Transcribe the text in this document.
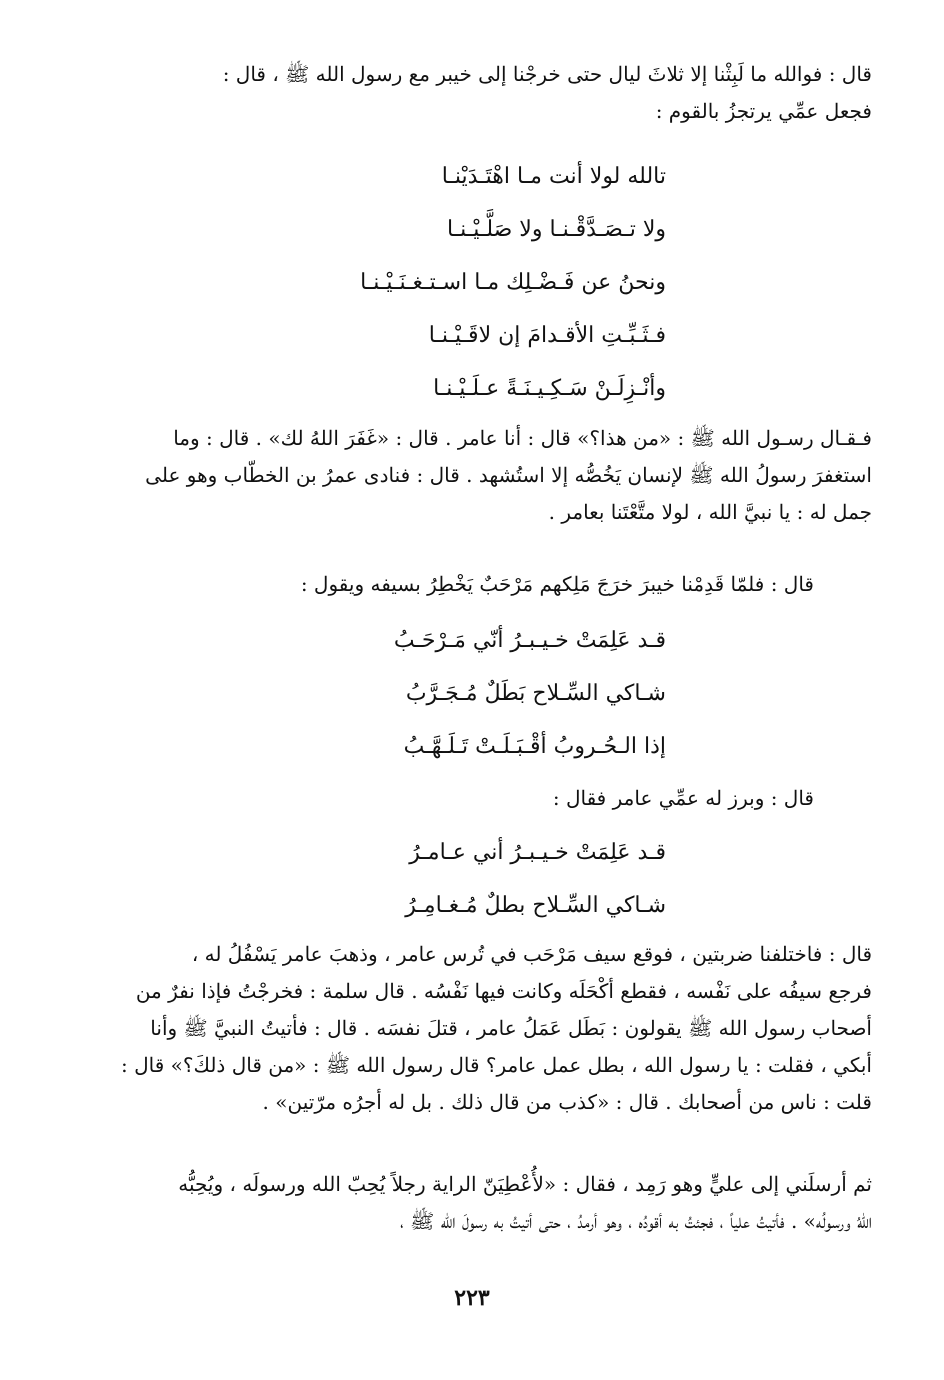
قال : فوالله ما لَبِثْنا إلا ثلاثَ ليال حتى خرجْنا إلى خيبر مع رسول الله ﷺ ، قال :
فجعل عمِّي يرتجزُ بالقوم :
تالله لولا أنت مـا اهْتَـدَيْنـا
ولا تـصَـدَّقْـنـا ولا صَلَّـيْـنـا
ونحنُ عن فَـضْـلِك مـا اسـتـغـنَـيْـنـا
فـثَـبِّـتِ الأقـدامَ إن لاقَـيْـنـا
وأنْـزِلَـنْ سَـكِـيـنَـةً عـلَـيْـنـا
فـقـال رسـول الله ﷺ : «من هذا؟» قال : أنا عامر . قال : «غَفَرَ اللهُ لك» . قال : وما
استغفرَ رسولُ الله ﷺ لإنسان يَخُصُّه إلا استُشهد . قال : فنادى عمرُ بن الخطّاب وهو على
جمل له : يا نبيَّ الله ، لولا متَّعْتَنا بعامر .
قال : فلمّا قَدِمْنا خيبرَ خرَجَ مَلِكهم مَرْحَبٌ يَخْطِرُ بسيفه ويقول :
قـد عَلِمَتْ خـيـبـرُ أنّي مَـرْحَـبُ
شـاكي السِّـلاح بَطَلٌ مُـجَـرَّبُ
إذا الـحُـروبُ أقْـبَـلَـتْ تَـلَـهَّـبُ
قال : وبرز له عمِّي عامر فقال :
قـد عَلِمَتْ خـيـبـرُ أني عـامـرُ
شـاكي السِّـلاح بطلٌ مُـغـامِـرُ
قال : فاختلفنا ضربتين ، فوقع سيف مَرْحَب في تُرس عامر ، وذهبَ عامر يَسْفُلُ له ،
فرجع سيفُه على نَفْسه ، فقطع أكْحَلَه وكانت فيها نَفْسُه . قال سلمة : فخرجْتُ فإذا نفرٌ من
أصحاب رسول الله ﷺ يقولون : بَطَل عَمَلُ عامر ، قتلَ نفسَه . قال : فأتيتُ النبيَّ ﷺ وأنا
أبكي ، فقلت : يا رسول الله ، بطل عمل عامر؟ قال رسول الله ﷺ : «من قال ذلكَ؟» قال :
قلت : ناس من أصحابك . قال : «كذب من قال ذلك . بل له أجرُه مرّتين» .
ثم أرسلَني إلى عليٍّ وهو رَمِد ، فقال : «لأُعْطِيَنّ الراية رجلاً يُحِبّ الله ورسولَه ، ويُحِبُّه
اللهُ ورسولُه» . فأتيتُ علياً ، فجئتُ به أقودُه ، وهو أرمدُ ، حتى أتيتُ به رسولَ الله ﷺ ،
٢٢٣
